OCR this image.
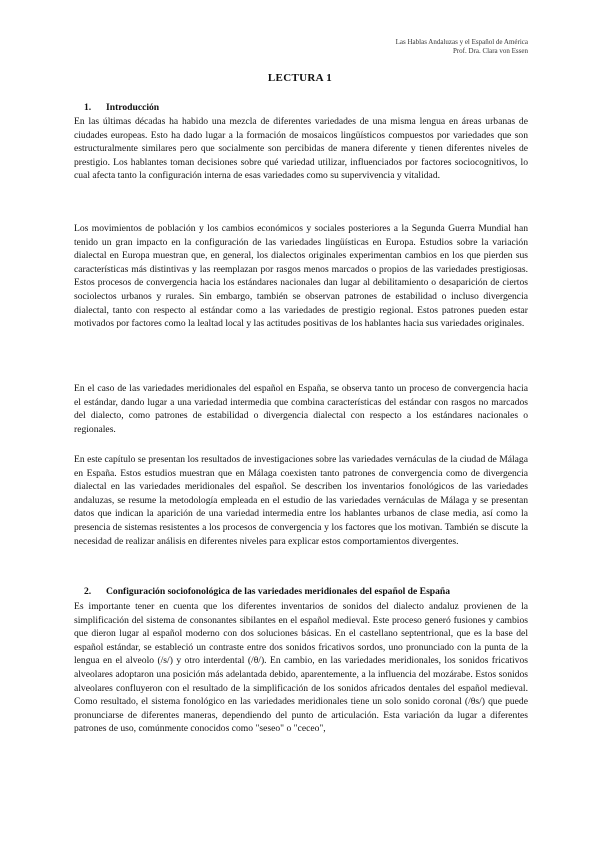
Las Hablas Andaluzas y el Español de América
Prof. Dra. Clara von Essen
LECTURA 1
1. Introducción

En las últimas décadas ha habido una mezcla de diferentes variedades de una misma lengua en áreas urbanas de ciudades europeas. Esto ha dado lugar a la formación de mosaicos lingüísticos compuestos por variedades que son estructuralmente similares pero que socialmente son percibidas de manera diferente y tienen diferentes niveles de prestigio. Los hablantes toman decisiones sobre qué variedad utilizar, influenciados por factores sociocognitivos, lo cual afecta tanto la configuración interna de esas variedades como su supervivencia y vitalidad.

Los movimientos de población y los cambios económicos y sociales posteriores a la Segunda Guerra Mundial han tenido un gran impacto en la configuración de las variedades lingüísticas en Europa. Estudios sobre la variación dialectal en Europa muestran que, en general, los dialectos originales experimentan cambios en los que pierden sus características más distintivas y las reemplazan por rasgos menos marcados o propios de las variedades prestigiosas. Estos procesos de convergencia hacia los estándares nacionales dan lugar al debilitamiento o desaparición de ciertos sociolectos urbanos y rurales. Sin embargo, también se observan patrones de estabilidad o incluso divergencia dialectal, tanto con respecto al estándar como a las variedades de prestigio regional. Estos patrones pueden estar motivados por factores como la lealtad local y las actitudes positivas de los hablantes hacia sus variedades originales.

En el caso de las variedades meridionales del español en España, se observa tanto un proceso de convergencia hacia el estándar, dando lugar a una variedad intermedia que combina características del estándar con rasgos no marcados del dialecto, como patrones de estabilidad o divergencia dialectal con respecto a los estándares nacionales o regionales.

En este capítulo se presentan los resultados de investigaciones sobre las variedades vernáculas de la ciudad de Málaga en España. Estos estudios muestran que en Málaga coexisten tanto patrones de convergencia como de divergencia dialectal en las variedades meridionales del español. Se describen los inventarios fonológicos de las variedades andaluzas, se resume la metodología empleada en el estudio de las variedades vernáculas de Málaga y se presentan datos que indican la aparición de una variedad intermedia entre los hablantes urbanos de clase media, así como la presencia de sistemas resistentes a los procesos de convergencia y los factores que los motivan. También se discute la necesidad de realizar análisis en diferentes niveles para explicar estos comportamientos divergentes.

2. Configuración sociofonológica de las variedades meridionales del español de España

Es importante tener en cuenta que los diferentes inventarios de sonidos del dialecto andaluz provienen de la simplificación del sistema de consonantes sibilantes en el español medieval. Este proceso generó fusiones y cambios que dieron lugar al español moderno con dos soluciones básicas. En el castellano septentrional, que es la base del español estándar, se estableció un contraste entre dos sonidos fricativos sordos, uno pronunciado con la punta de la lengua en el alveolo (/s/) y otro interdental (/θ/). En cambio, en las variedades meridionales, los sonidos fricativos alveolares adoptaron una posición más adelantada debido, aparentemente, a la influencia del mozárabe. Estos sonidos alveolares confluyeron con el resultado de la simplificación de los sonidos africados dentales del español medieval. Como resultado, el sistema fonológico en las variedades meridionales tiene un solo sonido coronal (/θs/) que puede pronunciarse de diferentes maneras, dependiendo del punto de articulación. Esta variación da lugar a diferentes patrones de uso, comúnmente conocidos como "seseo" o "ceceo",
